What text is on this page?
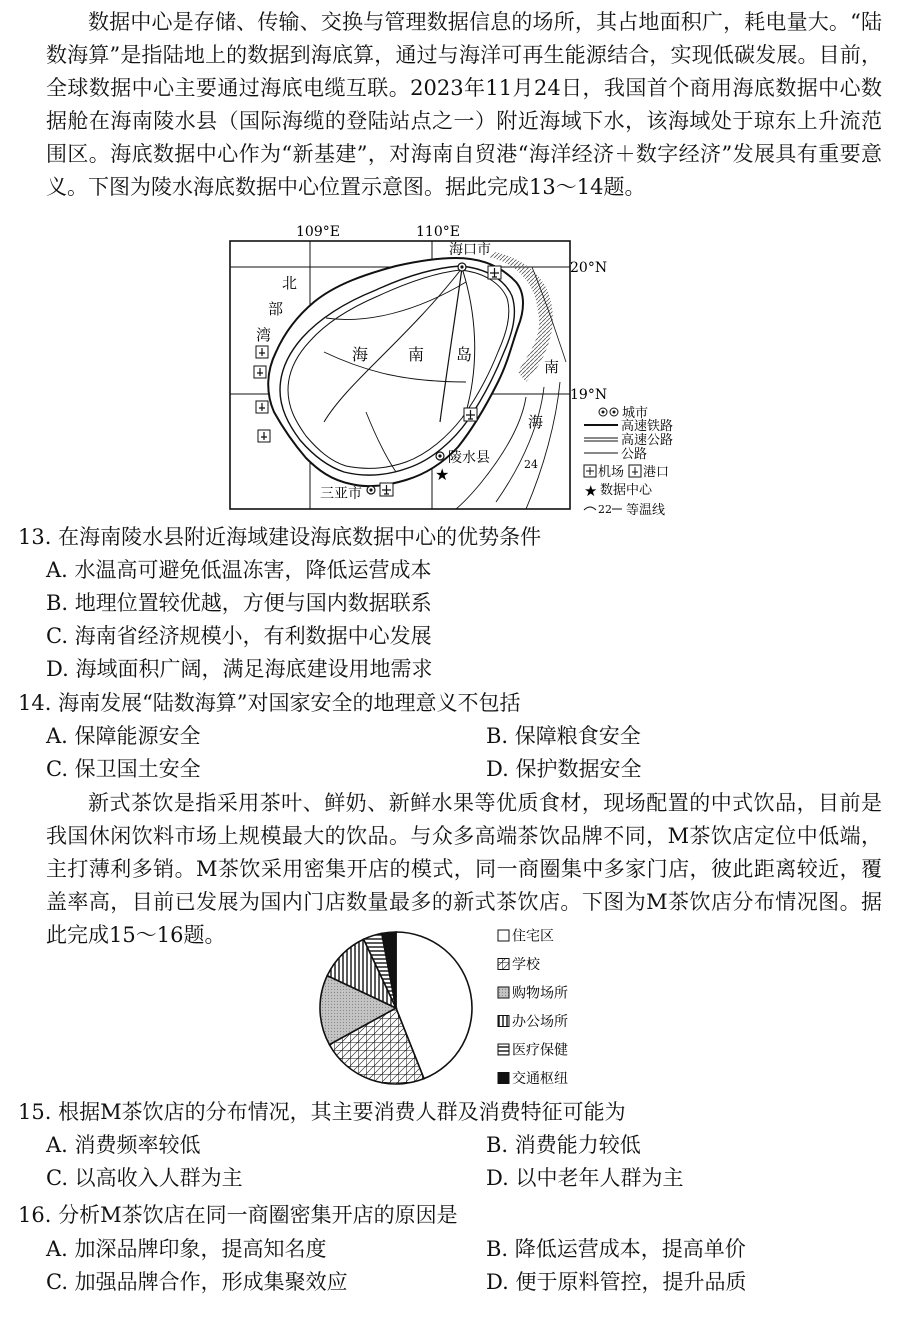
数据中心是存储、传输、交换与管理数据信息的场所，其占地面积广，耗电量大。“陆数海算”是指陆地上的数据到海底算，通过与海洋可再生能源结合，实现低碳发展。目前，全球数据中心主要通过海底电缆互联。2023年11月24日，我国首个商用海底数据中心数据舱在海南陵水县（国际海缆的登陆站点之一）附近海域下水，该海域处于琼东上升流范围区。海底数据中心作为“新基建”，对海南自贸港“海洋经济＋数字经济”发展具有重要意义。下图为陵水海底数据中心位置示意图。据此完成13～14题。

★
109°E	110°E
20°N
19°N
海口市
三亚市
陵水县
北
部
湾
海 南 岛
南
海
24
城市
高速铁路
高速公路
公路
机场 港口
★ 数据中心
22 等温线

13. 在海南陵水县附近海域建设海底数据中心的优势条件

A. 水温高可避免低温冻害，降低运营成本
B. 地理位置较优越，方便与国内数据联系
C. 海南省经济规模小，有利数据中心发展
D. 海域面积广阔，满足海底建设用地需求

14. 海南发展“陆数海算”对国家安全的地理意义不包括

A. 保障能源安全	B. 保障粮食安全
C. 保卫国土安全	D. 保护数据安全

新式茶饮是指采用茶叶、鲜奶、新鲜水果等优质食材，现场配置的中式饮品，目前是我国休闲饮料市场上规模最大的饮品。与众多高端茶饮品牌不同，M茶饮店定位中低端，主打薄利多销。M茶饮采用密集开店的模式，同一商圈集中多家门店，彼此距离较近，覆盖率高，目前已发展为国内门店数量最多的新式茶饮店。下图为M茶饮店分布情况图。据此完成15～16题。	住宅区
学校
购物场所
办公场所
医疗保健
交通枢纽

15. 根据M茶饮店的分布情况，其主要消费人群及消费特征可能为

A. 消费频率较低	B. 消费能力较低
C. 以高收入人群为主	D. 以中老年人群为主

16. 分析M茶饮店在同一商圈密集开店的原因是

A. 加深品牌印象，提高知名度	B. 降低运营成本，提高单价
C. 加强品牌合作，形成集聚效应	D. 便于原料管控，提升品质
